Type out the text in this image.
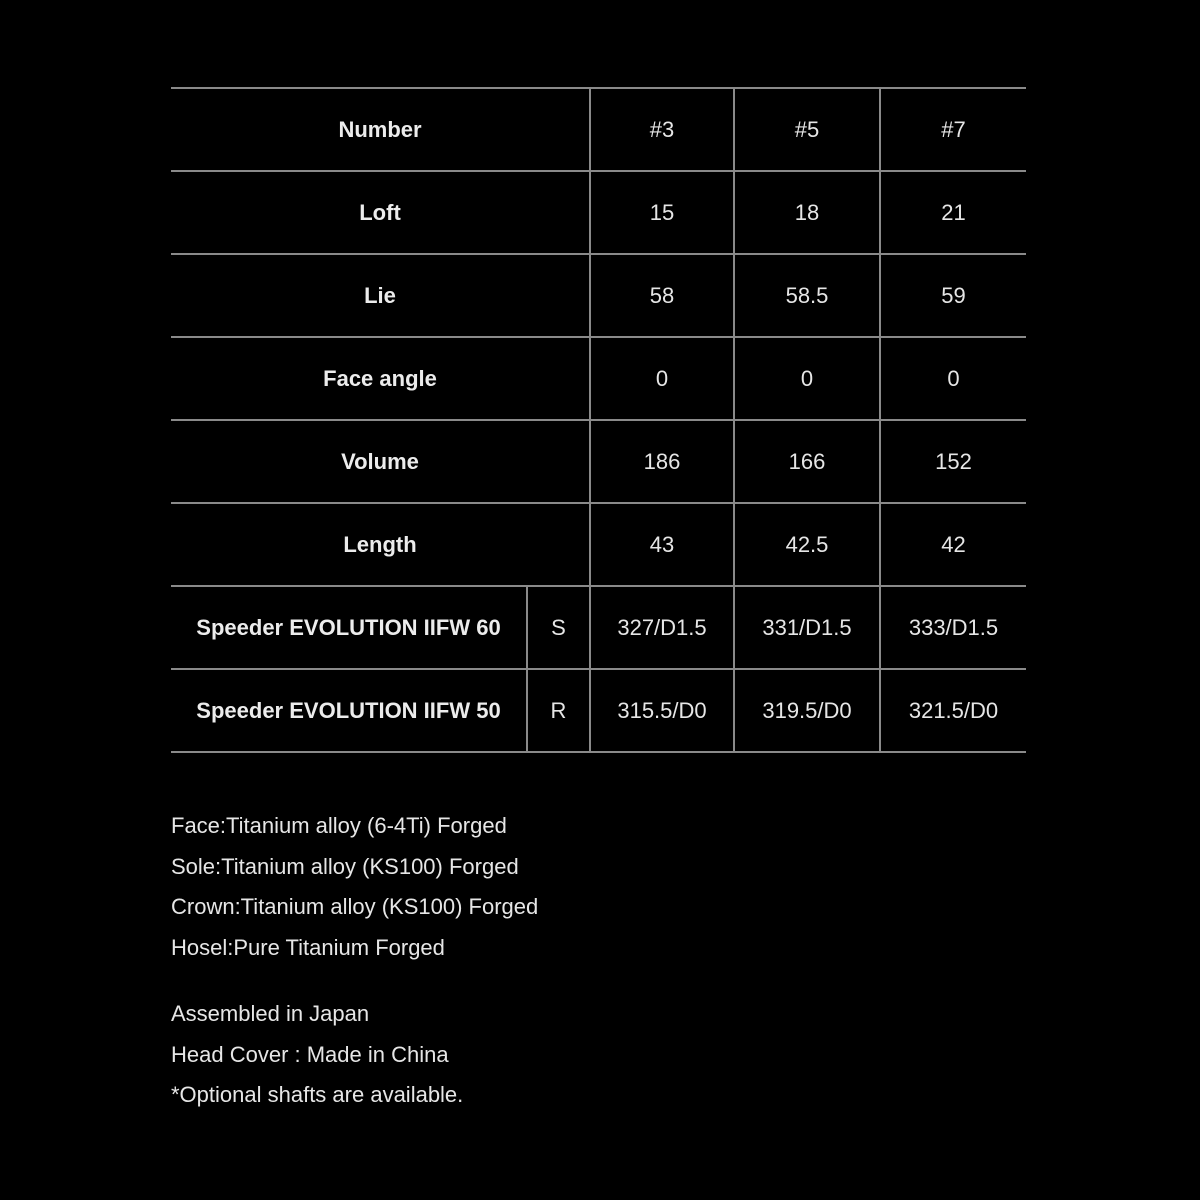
Number		#3	#5	#7
Loft		15	18	21
Lie		58	58.5	59
Face angle		0	0	0
Volume		186	166	152
Length		43	42.5	42
Speeder EVOLUTION IIFW 60	S	327/D1.5	331/D1.5	333/D1.5
Speeder EVOLUTION IIFW 50	R	315.5/D0	319.5/D0	321.5/D0
Face:Titanium alloy (6-4Ti) Forged
Sole:Titanium alloy (KS100) Forged
Crown:Titanium alloy (KS100) Forged
Hosel:Pure Titanium Forged
Assembled in Japan
Head Cover : Made in China
*Optional shafts are available.
